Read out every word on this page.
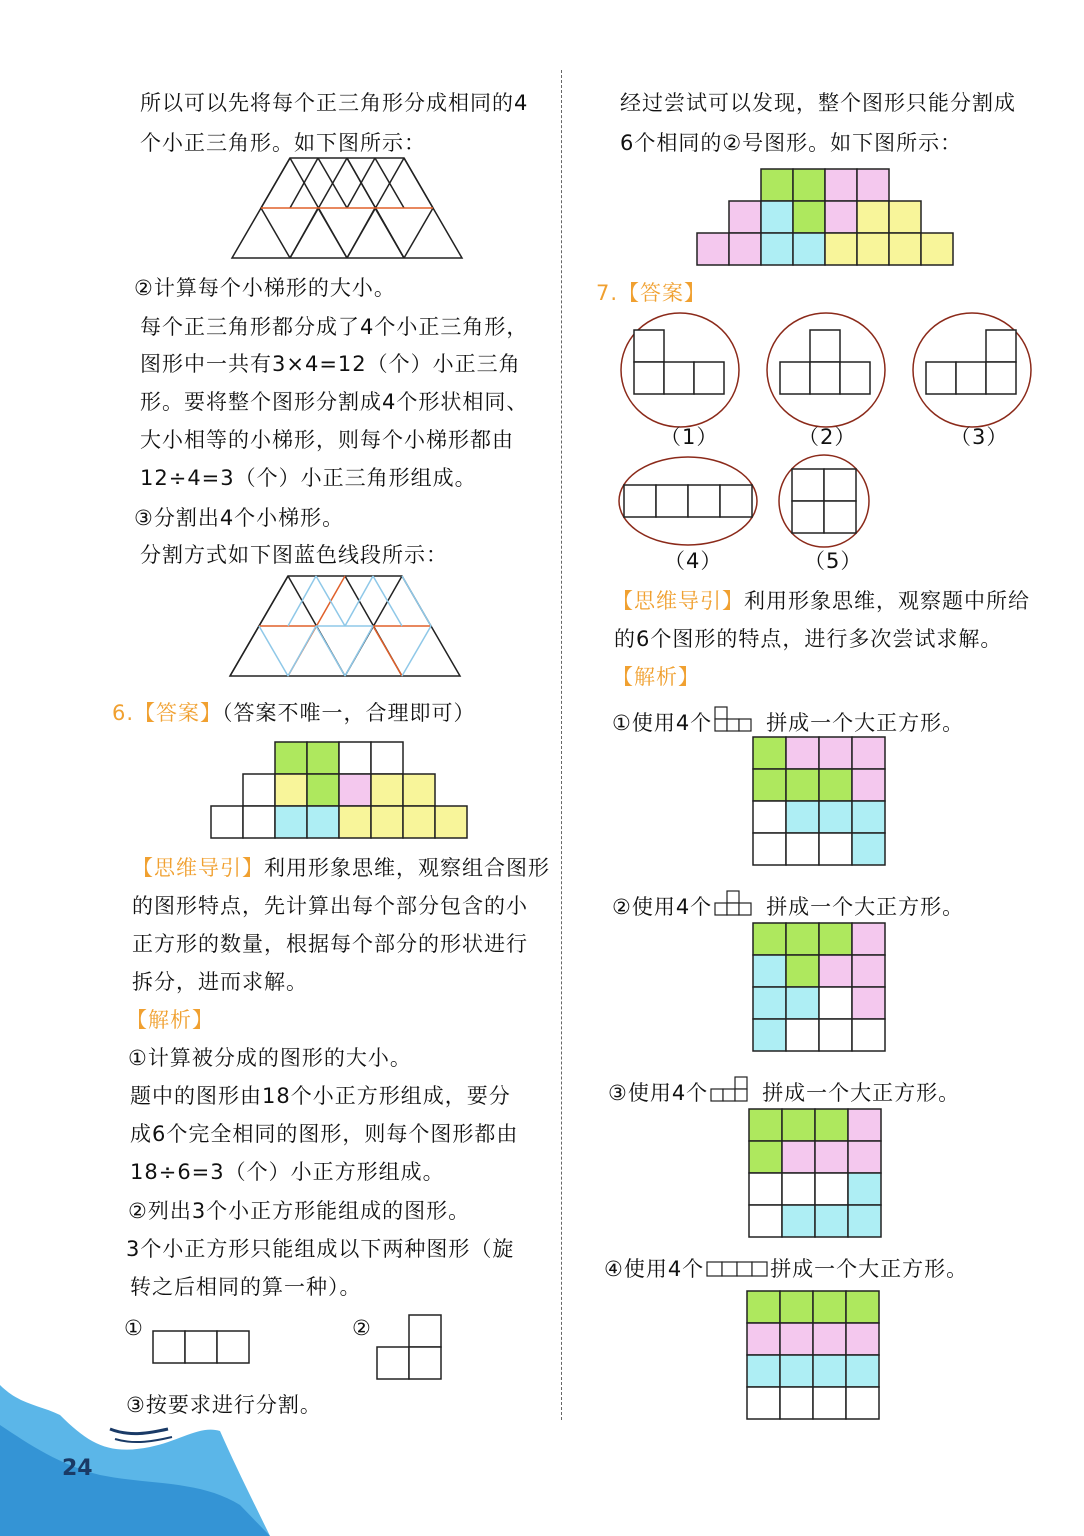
所以可以先将每个正三角形分成相同的4
个小正三角形。如下图所示：
②计算每个小梯形的大小。
每个正三角形都分成了4个小正三角形，
图形中一共有3×4=12（个）小正三角
形。要将整个图形分割成4个形状相同、
大小相等的小梯形，则每个小梯形都由
12÷4=3（个）小正三角形组成。
③分割出4个小梯形。
分割方式如下图蓝色线段所示：
6.【答案】（答案不唯一，合理即可）
【思维导引】利用形象思维，观察组合图形
的图形特点，先计算出每个部分包含的小
正方形的数量，根据每个部分的形状进行
拆分，进而求解。
【解析】
①计算被分成的图形的大小。
题中的图形由18个小正方形组成，要分
成6个完全相同的图形，则每个图形都由
18÷6=3（个）小正方形组成。
②列出3个小正方形能组成的图形。
3个小正方形只能组成以下两种图形（旋
转之后相同的算一种）。
①	②
③按要求进行分割。
24
经过尝试可以发现，整个图形只能分割成
6个相同的②号图形。如下图所示：
7.【答案】
（1）	（2）	（3）
（4）	（5）
【思维导引】利用形象思维，观察题中所给
的6个图形的特点，进行多次尝试求解。
【解析】
①使用4个	拼成一个大正方形。
②使用4个	拼成一个大正方形。
③使用4个	拼成一个大正方形。
④使用4个	拼成一个大正方形。
